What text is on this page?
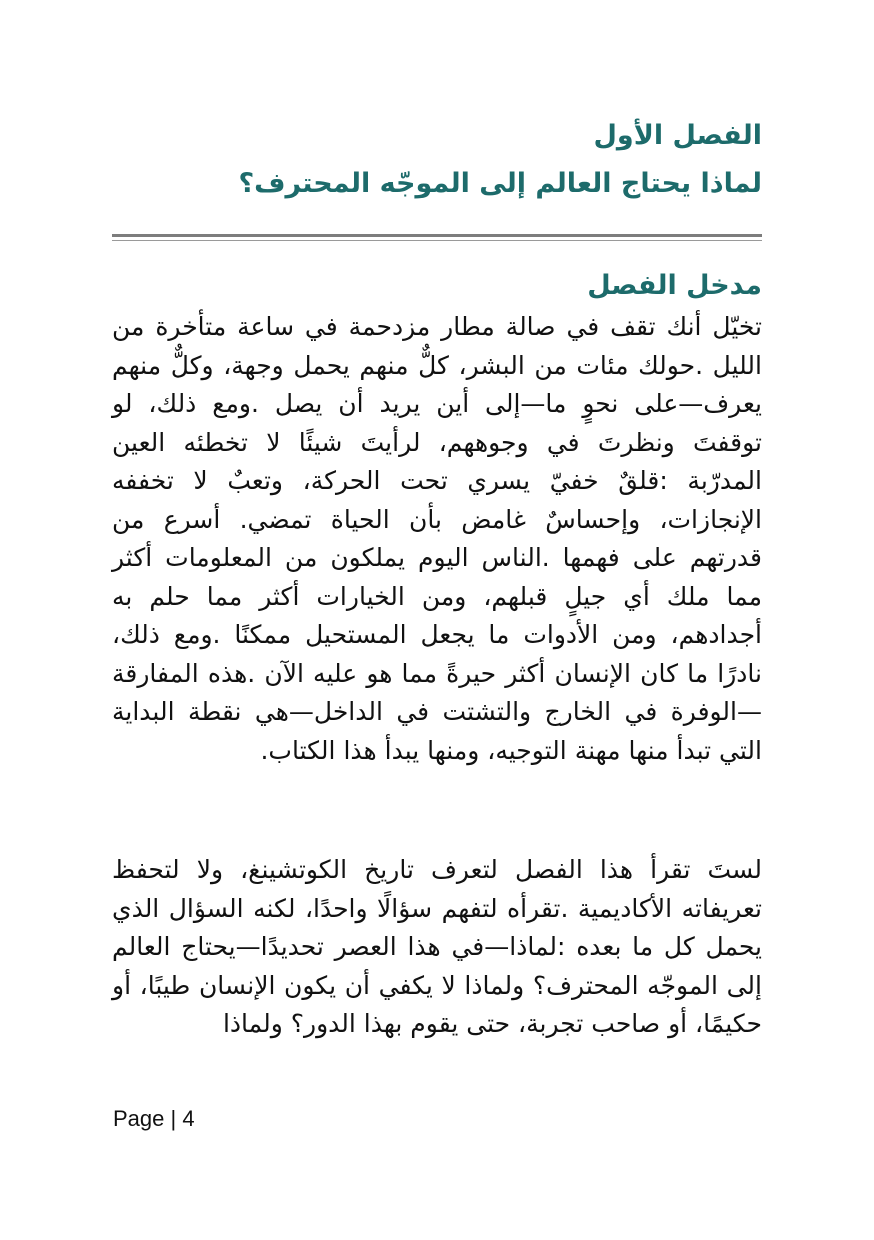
الفصل الأول
لماذا يحتاج العالم إلى الموجّه المحترف؟
مدخل الفصل

تخيّل أنك تقف في صالة مطار مزدحمة في ساعة متأخرة من الليل .حولك مئات من البشر، كلٌّ منهم يحمل وجهة، وكلٌّ منهم يعرف—على نحوٍ ما—إلى أين يريد أن يصل .ومع ذلك، لو توقفتَ ونظرتَ في وجوههم، لرأيتَ شيئًا لا تخطئه العين المدرّبة :قلقٌ خفيّ يسري تحت الحركة، وتعبٌ لا تخففه الإنجازات، وإحساسٌ غامض بأن الحياة تمضي. أسرع من قدرتهم على فهمها .الناس اليوم يملكون من المعلومات أكثر مما ملك أي جيلٍ قبلهم، ومن الخيارات أكثر مما حلم به أجدادهم، ومن الأدوات ما يجعل المستحيل ممكنًا .ومع ذلك، نادرًا ما كان الإنسان أكثر حيرةً مما هو عليه الآن .هذه المفارقة—الوفرة في الخارج والتشتت في الداخل—هي نقطة البداية التي تبدأ منها مهنة التوجيه، ومنها يبدأ هذا الكتاب.

لستَ تقرأ هذا الفصل لتعرف تاريخ الكوتشينغ، ولا لتحفظ تعريفاته الأكاديمية .تقرأه لتفهم سؤالًا واحدًا، لكنه السؤال الذي يحمل كل ما بعده :لماذا—في هذا العصر تحديدًا—يحتاج العالم إلى الموجّه المحترف؟ ولماذا لا يكفي أن يكون الإنسان طيبًا، أو حكيمًا، أو صاحب تجربة، حتى يقوم بهذا الدور؟ ولماذا

Page | 4
